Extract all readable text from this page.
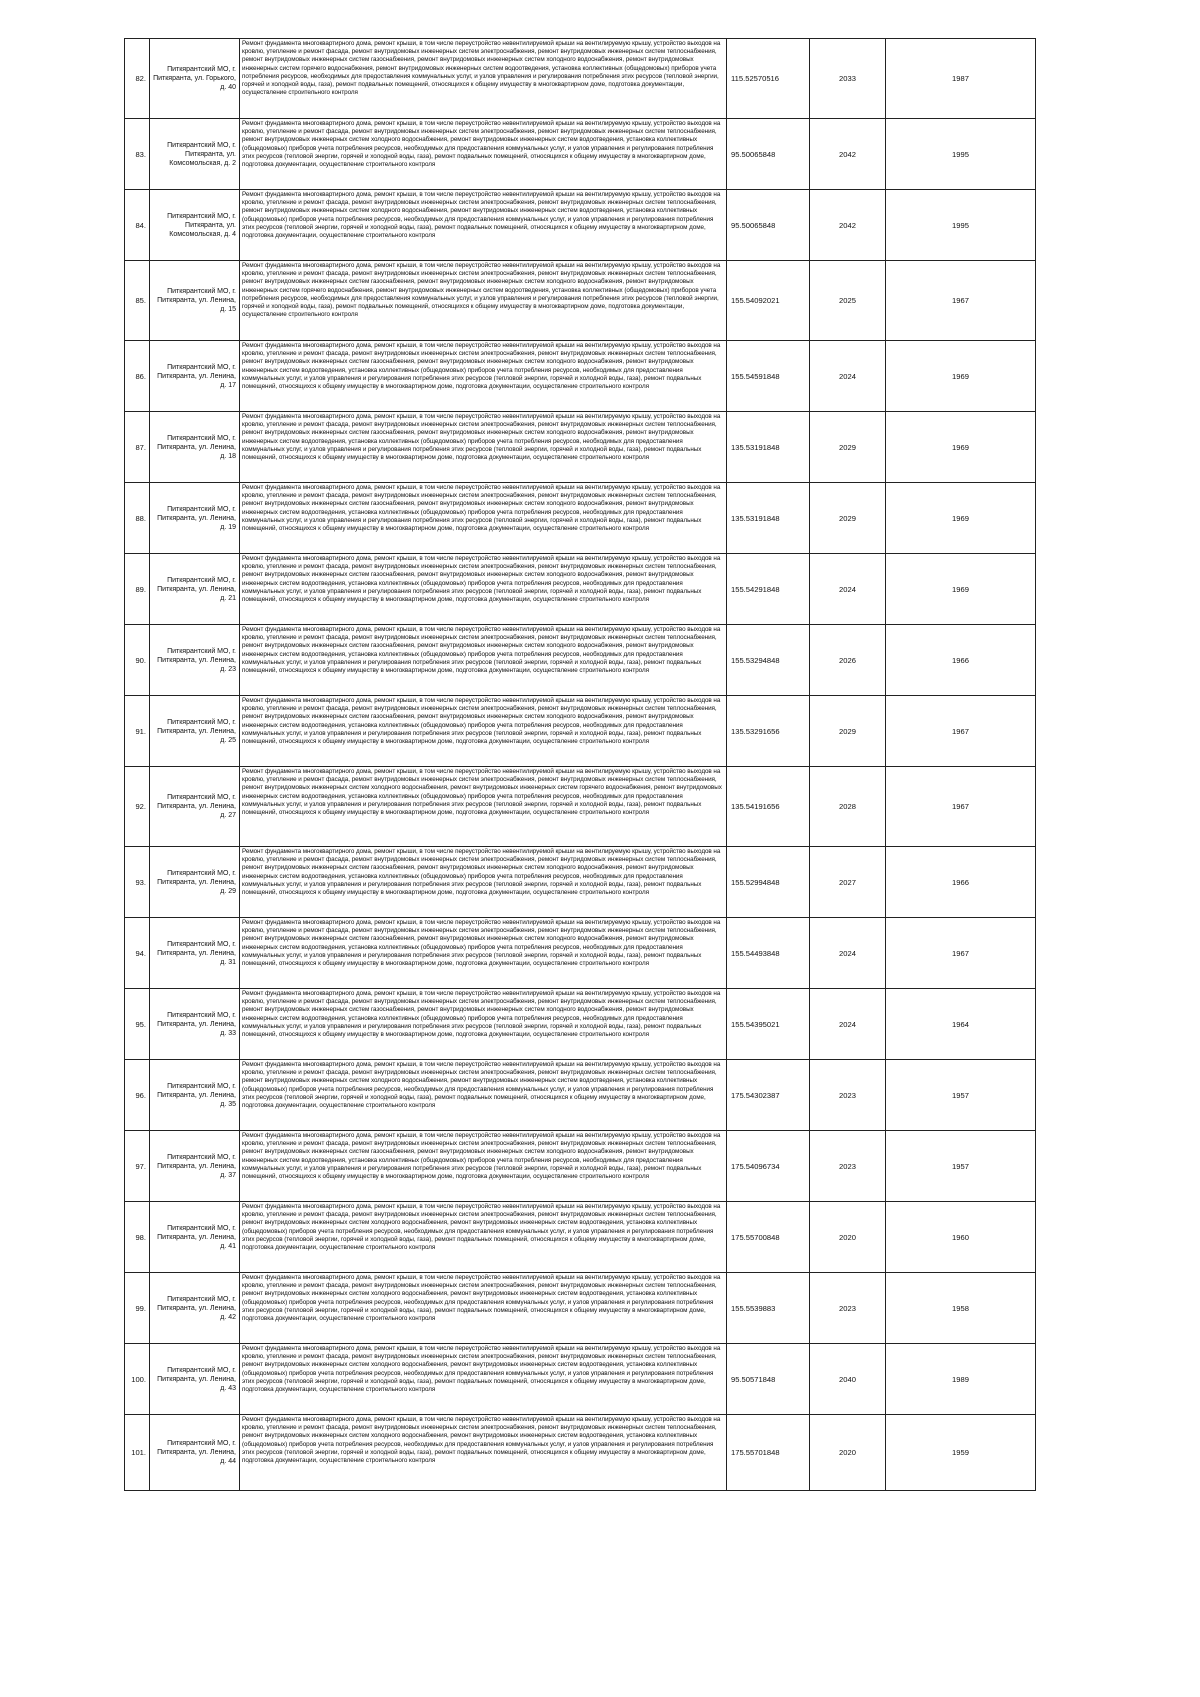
82.	Питкярантский МО, г. Питкяранта, ул. Горького, д. 40	Ремонт фундамента многоквартирного дома, ремонт крыши, в том числе переустройство невентилируемой крыши на вентилируемую крышу, устройство выходов на кровлю, утепление и ремонт фасада, ремонт внутридомовых инженерных систем электроснабжения, ремонт внутридомовых инженерных систем теплоснабжения, ремонт внутридомовых инженерных систем газоснабжения, ремонт внутридомовых инженерных систем холодного водоснабжения, ремонт внутридомовых инженерных систем горячего водоснабжения, ремонт внутридомовых инженерных систем водоотведения, установка коллективных (общедомовых) приборов учета потребления ресурсов, необходимых для предоставления коммунальных услуг, и узлов управления и регулирования потребления этих ресурсов (тепловой энергии, горячей и холодной воды, газа), ремонт подвальных помещений, относящихся к общему имуществу в многоквартирном доме, подготовка документации, осуществление строительного контроля	115.52570516	2033	1987
83.	Питкярантский МО, г. Питкяранта, ул. Комсомольская, д. 2	Ремонт фундамента многоквартирного дома, ремонт крыши, в том числе переустройство невентилируемой крыши на вентилируемую крышу, устройство выходов на кровлю, утепление и ремонт фасада, ремонт внутридомовых инженерных систем электроснабжения, ремонт внутридомовых инженерных систем теплоснабжения, ремонт внутридомовых инженерных систем холодного водоснабжения, ремонт внутридомовых инженерных систем водоотведения, установка коллективных (общедомовых) приборов учета потребления ресурсов, необходимых для предоставления коммунальных услуг, и узлов управления и регулирования потребления этих ресурсов (тепловой энергии, горячей и холодной воды, газа), ремонт подвальных помещений, относящихся к общему имуществу в многоквартирном доме, подготовка документации, осуществление строительного контроля	95.50065848	2042	1995
84.	Питкярантский МО, г. Питкяранта, ул. Комсомольская, д. 4	Ремонт фундамента многоквартирного дома, ремонт крыши, в том числе переустройство невентилируемой крыши на вентилируемую крышу, устройство выходов на кровлю, утепление и ремонт фасада, ремонт внутридомовых инженерных систем электроснабжения, ремонт внутридомовых инженерных систем теплоснабжения, ремонт внутридомовых инженерных систем холодного водоснабжения, ремонт внутридомовых инженерных систем водоотведения, установка коллективных (общедомовых) приборов учета потребления ресурсов, необходимых для предоставления коммунальных услуг, и узлов управления и регулирования потребления этих ресурсов (тепловой энергии, горячей и холодной воды, газа), ремонт подвальных помещений, относящихся к общему имуществу в многоквартирном доме, подготовка документации, осуществление строительного контроля	95.50065848	2042	1995
85.	Питкярантский МО, г. Питкяранта, ул. Ленина, д. 15	Ремонт фундамента многоквартирного дома, ремонт крыши, в том числе переустройство невентилируемой крыши на вентилируемую крышу, устройство выходов на кровлю, утепление и ремонт фасада, ремонт внутридомовых инженерных систем электроснабжения, ремонт внутридомовых инженерных систем теплоснабжения, ремонт внутридомовых инженерных систем газоснабжения, ремонт внутридомовых инженерных систем холодного водоснабжения, ремонт внутридомовых инженерных систем горячего водоснабжения, ремонт внутридомовых инженерных систем водоотведения, установка коллективных (общедомовых) приборов учета потребления ресурсов, необходимых для предоставления коммунальных услуг, и узлов управления и регулирования потребления этих ресурсов (тепловой энергии, горячей и холодной воды, газа), ремонт подвальных помещений, относящихся к общему имуществу в многоквартирном доме, подготовка документации, осуществление строительного контроля	155.54092021	2025	1967
86.	Питкярантский МО, г. Питкяранта, ул. Ленина, д. 17	Ремонт фундамента многоквартирного дома, ремонт крыши, в том числе переустройство невентилируемой крыши на вентилируемую крышу, устройство выходов на кровлю, утепление и ремонт фасада, ремонт внутридомовых инженерных систем электроснабжения, ремонт внутридомовых инженерных систем теплоснабжения, ремонт внутридомовых инженерных систем газоснабжения, ремонт внутридомовых инженерных систем холодного водоснабжения, ремонт внутридомовых инженерных систем водоотведения, установка коллективных (общедомовых) приборов учета потребления ресурсов, необходимых для предоставления коммунальных услуг, и узлов управления и регулирования потребления этих ресурсов (тепловой энергии, горячей и холодной воды, газа), ремонт подвальных помещений, относящихся к общему имуществу в многоквартирном доме, подготовка документации, осуществление строительного контроля	155.54591848	2024	1969
87.	Питкярантский МО, г. Питкяранта, ул. Ленина, д. 18	Ремонт фундамента многоквартирного дома, ремонт крыши, в том числе переустройство невентилируемой крыши на вентилируемую крышу, устройство выходов на кровлю, утепление и ремонт фасада, ремонт внутридомовых инженерных систем электроснабжения, ремонт внутридомовых инженерных систем теплоснабжения, ремонт внутридомовых инженерных систем газоснабжения, ремонт внутридомовых инженерных систем холодного водоснабжения, ремонт внутридомовых инженерных систем водоотведения, установка коллективных (общедомовых) приборов учета потребления ресурсов, необходимых для предоставления коммунальных услуг, и узлов управления и регулирования потребления этих ресурсов (тепловой энергии, горячей и холодной воды, газа), ремонт подвальных помещений, относящихся к общему имуществу в многоквартирном доме, подготовка документации, осуществление строительного контроля	135.53191848	2029	1969
88.	Питкярантский МО, г. Питкяранта, ул. Ленина, д. 19	Ремонт фундамента многоквартирного дома, ремонт крыши, в том числе переустройство невентилируемой крыши на вентилируемую крышу, устройство выходов на кровлю, утепление и ремонт фасада, ремонт внутридомовых инженерных систем электроснабжения, ремонт внутридомовых инженерных систем теплоснабжения, ремонт внутридомовых инженерных систем газоснабжения, ремонт внутридомовых инженерных систем холодного водоснабжения, ремонт внутридомовых инженерных систем водоотведения, установка коллективных (общедомовых) приборов учета потребления ресурсов, необходимых для предоставления коммунальных услуг, и узлов управления и регулирования потребления этих ресурсов (тепловой энергии, горячей и холодной воды, газа), ремонт подвальных помещений, относящихся к общему имуществу в многоквартирном доме, подготовка документации, осуществление строительного контроля	135.53191848	2029	1969
89.	Питкярантский МО, г. Питкяранта, ул. Ленина, д. 21	Ремонт фундамента многоквартирного дома, ремонт крыши, в том числе переустройство невентилируемой крыши на вентилируемую крышу, устройство выходов на кровлю, утепление и ремонт фасада, ремонт внутридомовых инженерных систем электроснабжения, ремонт внутридомовых инженерных систем теплоснабжения, ремонт внутридомовых инженерных систем газоснабжения, ремонт внутридомовых инженерных систем холодного водоснабжения, ремонт внутридомовых инженерных систем водоотведения, установка коллективных (общедомовых) приборов учета потребления ресурсов, необходимых для предоставления коммунальных услуг, и узлов управления и регулирования потребления этих ресурсов (тепловой энергии, горячей и холодной воды, газа), ремонт подвальных помещений, относящихся к общему имуществу в многоквартирном доме, подготовка документации, осуществление строительного контроля	155.54291848	2024	1969
90.	Питкярантский МО, г. Питкяранта, ул. Ленина, д. 23	Ремонт фундамента многоквартирного дома, ремонт крыши, в том числе переустройство невентилируемой крыши на вентилируемую крышу, устройство выходов на кровлю, утепление и ремонт фасада, ремонт внутридомовых инженерных систем электроснабжения, ремонт внутридомовых инженерных систем теплоснабжения, ремонт внутридомовых инженерных систем газоснабжения, ремонт внутридомовых инженерных систем холодного водоснабжения, ремонт внутридомовых инженерных систем водоотведения, установка коллективных (общедомовых) приборов учета потребления ресурсов, необходимых для предоставления коммунальных услуг, и узлов управления и регулирования потребления этих ресурсов (тепловой энергии, горячей и холодной воды, газа), ремонт подвальных помещений, относящихся к общему имуществу в многоквартирном доме, подготовка документации, осуществление строительного контроля	155.53294848	2026	1966
91.	Питкярантский МО, г. Питкяранта, ул. Ленина, д. 25	Ремонт фундамента многоквартирного дома, ремонт крыши, в том числе переустройство невентилируемой крыши на вентилируемую крышу, устройство выходов на кровлю, утепление и ремонт фасада, ремонт внутридомовых инженерных систем электроснабжения, ремонт внутридомовых инженерных систем теплоснабжения, ремонт внутридомовых инженерных систем газоснабжения, ремонт внутридомовых инженерных систем холодного водоснабжения, ремонт внутридомовых инженерных систем водоотведения, установка коллективных (общедомовых) приборов учета потребления ресурсов, необходимых для предоставления коммунальных услуг, и узлов управления и регулирования потребления этих ресурсов (тепловой энергии, горячей и холодной воды, газа), ремонт подвальных помещений, относящихся к общему имуществу в многоквартирном доме, подготовка документации, осуществление строительного контроля	135.53291656	2029	1967
92.	Питкярантский МО, г. Питкяранта, ул. Ленина, д. 27	Ремонт фундамента многоквартирного дома, ремонт крыши, в том числе переустройство невентилируемой крыши на вентилируемую крышу, устройство выходов на кровлю, утепление и ремонт фасада, ремонт внутридомовых инженерных систем электроснабжения, ремонт внутридомовых инженерных систем теплоснабжения, ремонт внутридомовых инженерных систем холодного водоснабжения, ремонт внутридомовых инженерных систем горячего водоснабжения, ремонт внутридомовых инженерных систем водоотведения, установка коллективных (общедомовых) приборов учета потребления ресурсов, необходимых для предоставления коммунальных услуг, и узлов управления и регулирования потребления этих ресурсов (тепловой энергии, горячей и холодной воды, газа), ремонт подвальных помещений, относящихся к общему имуществу в многоквартирном доме, подготовка документации, осуществление строительного контроля	135.54191656	2028	1967
93.	Питкярантский МО, г. Питкяранта, ул. Ленина, д. 29	Ремонт фундамента многоквартирного дома, ремонт крыши, в том числе переустройство невентилируемой крыши на вентилируемую крышу, устройство выходов на кровлю, утепление и ремонт фасада, ремонт внутридомовых инженерных систем электроснабжения, ремонт внутридомовых инженерных систем теплоснабжения, ремонт внутридомовых инженерных систем газоснабжения, ремонт внутридомовых инженерных систем холодного водоснабжения, ремонт внутридомовых инженерных систем водоотведения, установка коллективных (общедомовых) приборов учета потребления ресурсов, необходимых для предоставления коммунальных услуг, и узлов управления и регулирования потребления этих ресурсов (тепловой энергии, горячей и холодной воды, газа), ремонт подвальных помещений, относящихся к общему имуществу в многоквартирном доме, подготовка документации, осуществление строительного контроля	155.52994848	2027	1966
94.	Питкярантский МО, г. Питкяранта, ул. Ленина, д. 31	Ремонт фундамента многоквартирного дома, ремонт крыши, в том числе переустройство невентилируемой крыши на вентилируемую крышу, устройство выходов на кровлю, утепление и ремонт фасада, ремонт внутридомовых инженерных систем электроснабжения, ремонт внутридомовых инженерных систем теплоснабжения, ремонт внутридомовых инженерных систем газоснабжения, ремонт внутридомовых инженерных систем холодного водоснабжения, ремонт внутридомовых инженерных систем водоотведения, установка коллективных (общедомовых) приборов учета потребления ресурсов, необходимых для предоставления коммунальных услуг, и узлов управления и регулирования потребления этих ресурсов (тепловой энергии, горячей и холодной воды, газа), ремонт подвальных помещений, относящихся к общему имуществу в многоквартирном доме, подготовка документации, осуществление строительного контроля	155.54493848	2024	1967
95.	Питкярантский МО, г. Питкяранта, ул. Ленина, д. 33	Ремонт фундамента многоквартирного дома, ремонт крыши, в том числе переустройство невентилируемой крыши на вентилируемую крышу, устройство выходов на кровлю, утепление и ремонт фасада, ремонт внутридомовых инженерных систем электроснабжения, ремонт внутридомовых инженерных систем теплоснабжения, ремонт внутридомовых инженерных систем газоснабжения, ремонт внутридомовых инженерных систем холодного водоснабжения, ремонт внутридомовых инженерных систем водоотведения, установка коллективных (общедомовых) приборов учета потребления ресурсов, необходимых для предоставления коммунальных услуг, и узлов управления и регулирования потребления этих ресурсов (тепловой энергии, горячей и холодной воды, газа), ремонт подвальных помещений, относящихся к общему имуществу в многоквартирном доме, подготовка документации, осуществление строительного контроля	155.54395021	2024	1964
96.	Питкярантский МО, г. Питкяранта, ул. Ленина, д. 35	Ремонт фундамента многоквартирного дома, ремонт крыши, в том числе переустройство невентилируемой крыши на вентилируемую крышу, устройство выходов на кровлю, утепление и ремонт фасада, ремонт внутридомовых инженерных систем электроснабжения, ремонт внутридомовых инженерных систем теплоснабжения, ремонт внутридомовых инженерных систем холодного водоснабжения, ремонт внутридомовых инженерных систем водоотведения, установка коллективных (общедомовых) приборов учета потребления ресурсов, необходимых для предоставления коммунальных услуг, и узлов управления и регулирования потребления этих ресурсов (тепловой энергии, горячей и холодной воды, газа), ремонт подвальных помещений, относящихся к общему имуществу в многоквартирном доме, подготовка документации, осуществление строительного контроля	175.54302387	2023	1957
97.	Питкярантский МО, г. Питкяранта, ул. Ленина, д. 37	Ремонт фундамента многоквартирного дома, ремонт крыши, в том числе переустройство невентилируемой крыши на вентилируемую крышу, устройство выходов на кровлю, утепление и ремонт фасада, ремонт внутридомовых инженерных систем электроснабжения, ремонт внутридомовых инженерных систем теплоснабжения, ремонт внутридомовых инженерных систем газоснабжения, ремонт внутридомовых инженерных систем холодного водоснабжения, ремонт внутридомовых инженерных систем водоотведения, установка коллективных (общедомовых) приборов учета потребления ресурсов, необходимых для предоставления коммунальных услуг, и узлов управления и регулирования потребления этих ресурсов (тепловой энергии, горячей и холодной воды, газа), ремонт подвальных помещений, относящихся к общему имуществу в многоквартирном доме, подготовка документации, осуществление строительного контроля	175.54096734	2023	1957
98.	Питкярантский МО, г. Питкяранта, ул. Ленина, д. 41	Ремонт фундамента многоквартирного дома, ремонт крыши, в том числе переустройство невентилируемой крыши на вентилируемую крышу, устройство выходов на кровлю, утепление и ремонт фасада, ремонт внутридомовых инженерных систем электроснабжения, ремонт внутридомовых инженерных систем теплоснабжения, ремонт внутридомовых инженерных систем холодного водоснабжения, ремонт внутридомовых инженерных систем водоотведения, установка коллективных (общедомовых) приборов учета потребления ресурсов, необходимых для предоставления коммунальных услуг, и узлов управления и регулирования потребления этих ресурсов (тепловой энергии, горячей и холодной воды, газа), ремонт подвальных помещений, относящихся к общему имуществу в многоквартирном доме, подготовка документации, осуществление строительного контроля	175.55700848	2020	1960
99.	Питкярантский МО, г. Питкяранта, ул. Ленина, д. 42	Ремонт фундамента многоквартирного дома, ремонт крыши, в том числе переустройство невентилируемой крыши на вентилируемую крышу, устройство выходов на кровлю, утепление и ремонт фасада, ремонт внутридомовых инженерных систем электроснабжения, ремонт внутридомовых инженерных систем теплоснабжения, ремонт внутридомовых инженерных систем холодного водоснабжения, ремонт внутридомовых инженерных систем водоотведения, установка коллективных (общедомовых) приборов учета потребления ресурсов, необходимых для предоставления коммунальных услуг, и узлов управления и регулирования потребления этих ресурсов (тепловой энергии, горячей и холодной воды, газа), ремонт подвальных помещений, относящихся к общему имуществу в многоквартирном доме, подготовка документации, осуществление строительного контроля	155.5539883	2023	1958
100.	Питкярантский МО, г. Питкяранта, ул. Ленина, д. 43	Ремонт фундамента многоквартирного дома, ремонт крыши, в том числе переустройство невентилируемой крыши на вентилируемую крышу, устройство выходов на кровлю, утепление и ремонт фасада, ремонт внутридомовых инженерных систем электроснабжения, ремонт внутридомовых инженерных систем теплоснабжения, ремонт внутридомовых инженерных систем холодного водоснабжения, ремонт внутридомовых инженерных систем водоотведения, установка коллективных (общедомовых) приборов учета потребления ресурсов, необходимых для предоставления коммунальных услуг, и узлов управления и регулирования потребления этих ресурсов (тепловой энергии, горячей и холодной воды, газа), ремонт подвальных помещений, относящихся к общему имуществу в многоквартирном доме, подготовка документации, осуществление строительного контроля	95.50571848	2040	1989
101.	Питкярантский МО, г. Питкяранта, ул. Ленина, д. 44	Ремонт фундамента многоквартирного дома, ремонт крыши, в том числе переустройство невентилируемой крыши на вентилируемую крышу, устройство выходов на кровлю, утепление и ремонт фасада, ремонт внутридомовых инженерных систем электроснабжения, ремонт внутридомовых инженерных систем теплоснабжения, ремонт внутридомовых инженерных систем холодного водоснабжения, ремонт внутридомовых инженерных систем водоотведения, установка коллективных (общедомовых) приборов учета потребления ресурсов, необходимых для предоставления коммунальных услуг, и узлов управления и регулирования потребления этих ресурсов (тепловой энергии, горячей и холодной воды, газа), ремонт подвальных помещений, относящихся к общему имуществу в многоквартирном доме, подготовка документации, осуществление строительного контроля	175.55701848	2020	1959
